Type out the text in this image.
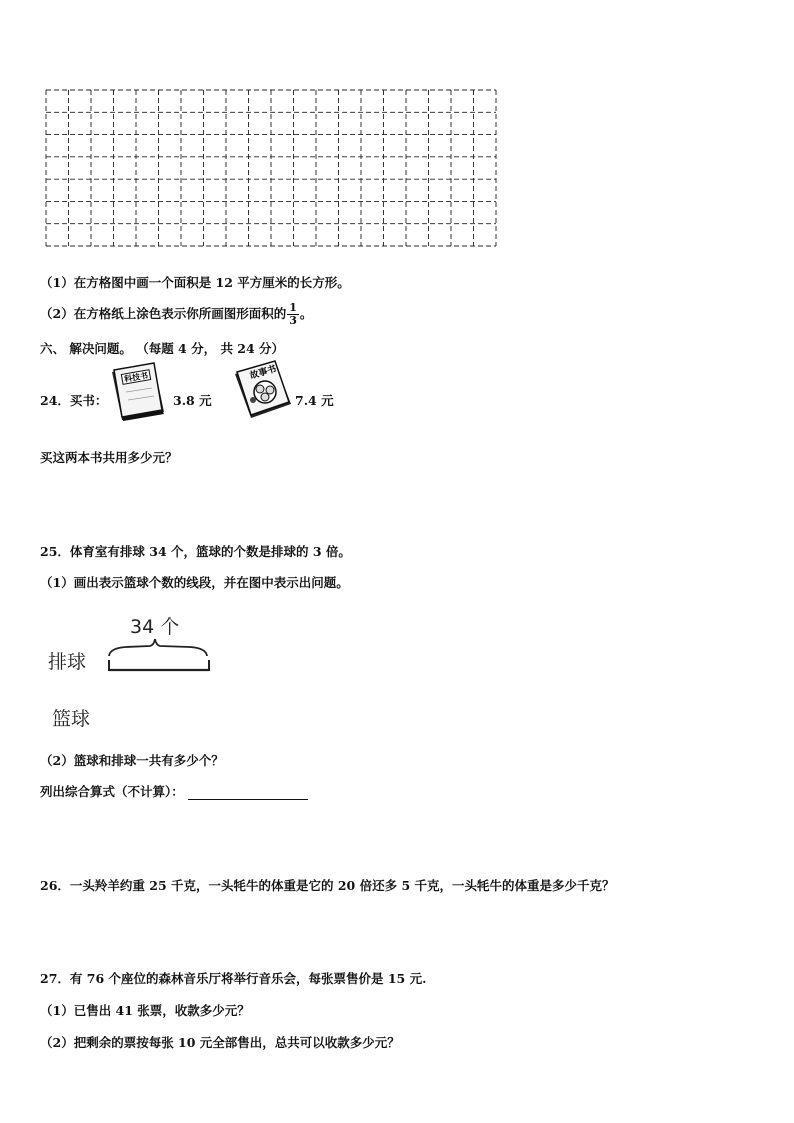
（1）在方格图中画一个面积是 12 平方厘米的长方形。
（2）在方格纸上涂色表示你所画图形面积的 $\frac{1}{3}$ 。
六、 解决问题。 （每题 4 分， 共 24 分）
24．买书：
科技书
3.8 元
故事书
7.4 元
买这两本书共用多少元？
25．体育室有排球 34 个，篮球的个数是排球的 3 倍。
（1）画出表示篮球个数的线段，并在图中表示出问题。
34 个
排球
篮球
（2）篮球和排球一共有多少个？
列出综合算式（不计算）：
26．一头羚羊约重 25 千克，一头牦牛的体重是它的 20 倍还多 5 千克，一头牦牛的体重是多少千克？
27．有 76 个座位的森林音乐厅将举行音乐会，每张票售价是 15 元.
（1）已售出 41 张票，收款多少元？
（2）把剩余的票按每张 10 元全部售出，总共可以收款多少元？
